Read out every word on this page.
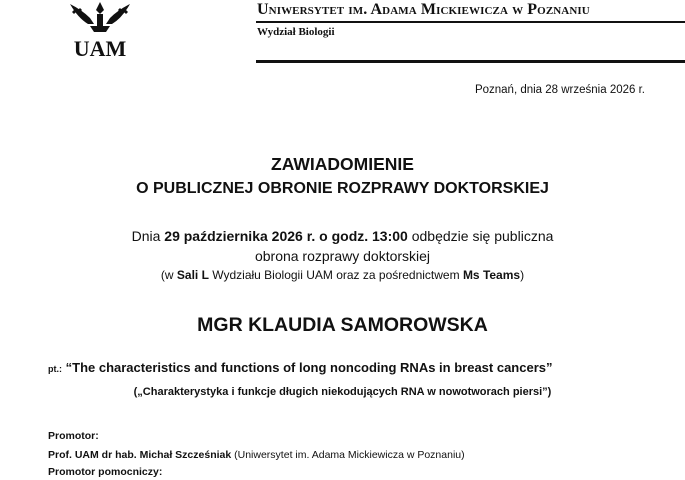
UAM
Uniwersytet im. Adama Mickiewicza w Poznaniu
Wydział Biologii
Poznań, dnia 28 września 2026 r.
ZAWIADOMIENIE
O PUBLICZNEJ OBRONIE ROZPRAWY DOKTORSKIEJ
Dnia 29 października 2026 r. o godz. 13:00 odbędzie się publiczna
obrona rozprawy doktorskiej
(w Sali L Wydziału Biologii UAM oraz za pośrednictwem Ms Teams)
MGR KLAUDIA SAMOROWSKA
pt.: “The characteristics and functions of long noncoding RNAs in breast cancers”
(„Charakterystyka i funkcje długich niekodujących RNA w nowotworach piersi”)
Promotor:
Prof. UAM dr hab. Michał Szcześniak (Uniwersytet im. Adama Mickiewicza w Poznaniu)
Promotor pomocniczy:
